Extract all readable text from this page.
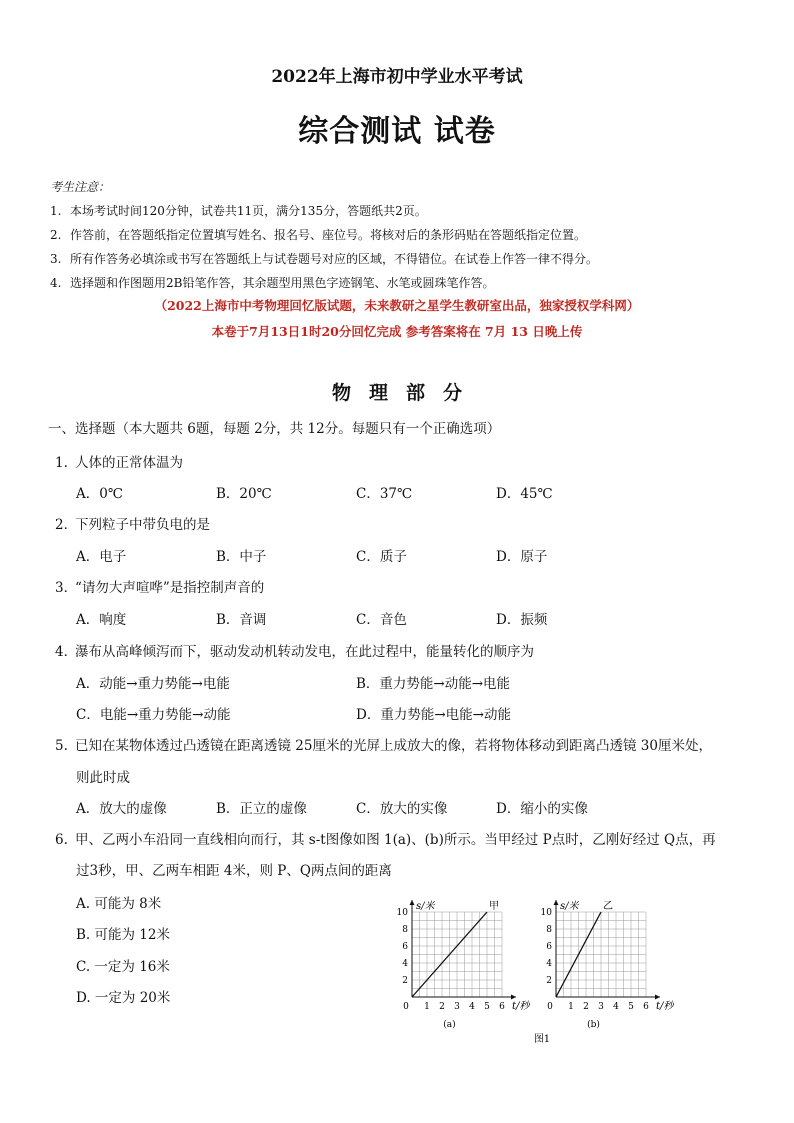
2022年上海市初中学业水平考试
综合测试 试卷
考生注意：
1. 本场考试时间120分钟，试卷共11页，满分135分，答题纸共2页。
2. 作答前，在答题纸指定位置填写姓名、报名号、座位号。将核对后的条形码贴在答题纸指定位置。
3. 所有作答务必填涂或书写在答题纸上与试卷题号对应的区域，不得错位。在试卷上作答一律不得分。
4. 选择题和作图题用2B铅笔作答，其余题型用黑色字迹钢笔、水笔或圆珠笔作答。
（2022上海市中考物理回忆版试题，未来教研之星学生教研室出品，独家授权学科网）
本卷于7月13日1时20分回忆完成 参考答案将在 7月 13 日晚上传
物理部分
一、选择题（本大题共 6题，每题 2分，共 12分。每题只有一个正确选项）
1. 人体的正常体温为
A．0℃	B．20℃	C．37℃	D．45℃
2．下列粒子中带负电的是
A．电子	B．中子	C．质子	D．原子
3．“请勿大声喧哗”是指控制声音的
A．响度	B．音调	C．音色	D．振频
4．瀑布从高峰倾泻而下，驱动发动机转动发电，在此过程中，能量转化的顺序为
A．动能→重力势能→电能	B．重力势能→动能→电能
C．电能→重力势能→动能	D．重力势能→电能→动能
5. 已知在某物体透过凸透镜在距离透镜 25厘米的光屏上成放大的像，若将物体移动到距离凸透镜 30厘米处，
则此时成
A．放大的虚像	B．正立的虚像	C．放大的实像	D．缩小的实像
6. 甲、乙两小车沿同一直线相向而行，其 s-t图像如图 1(a)、(b)所示。当甲经过 P点时，乙刚好经过 Q点，再
过3秒，甲、乙两车相距 4米，则 P、Q两点间的距离
A. 可能为 8米
B. 可能为 12米
C. 一定为 16米
D. 一定为 20米
1 2 3 4 5 6
2
4
6
8
10
0
s/米
t/秒
甲
(a)
1 2 3 4 5 6
2
4
6
8
10
0
s/米
t/秒
乙
(b)
图1
